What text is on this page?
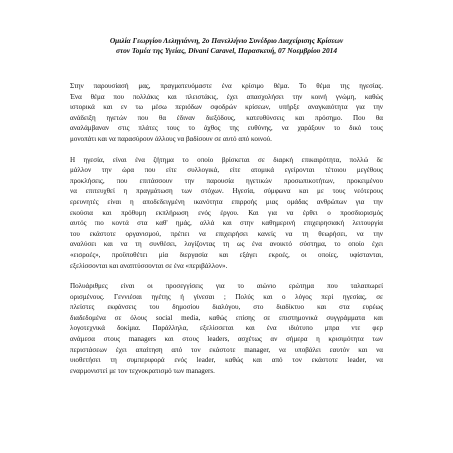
Ομιλία Γεωργίου Λεληγιάννη, 2ο Πανελλήνιο Συνέδριο Διαχείρισης Κρίσεων
στον Τομέα της Υγείας, Divani Caravel, Παρασκευή, 07 Νοεμβρίου 2014
Στην παρουσίασή μας, πραγματευόμαστε ένα κρίσιμο θέμα. Το θέμα της ηγεσίας.
Ένα θέμα που πολλάκις και πλειστάκις, έχει απασχολήσει την κοινή γνώμη, καθώς
ιστορικά και εν τω μέσω περιόδων σφοδρών κρίσεων, υπήρξε αναγκαιότητα για την
ανάδειξη ηγετών που θα έδιναν διεξόδους, κατευθύνσεις και πρόσημο. Που θα
αναλάμβαναν στις πλάτες τους το άχθος της ευθύνης, να χαράξουν το δικό τους
μονοπάτι και να παρασύρουν άλλους να βαδίσουν σε αυτό από κοινού.
Η ηγεσία, είναι ένα ζήτημα το οποίο βρίσκεται σε διαρκή επικαιρότητα, πολλώ δε
μάλλον την ώρα που είτε συλλογικά, είτε ατομικά εγείρονται τέτοιου μεγέθους
προκλήσεις, που επιτάσσουν την παρουσία ηγετικών προσωπικοτήτων, προκειμένου
να επιτευχθεί η πραγμάτωση των στόχων. Ηγεσία, σύμφωνα και με τους νεότερους
ερευνητές είναι η αποδεδειγμένη ικανότητα επιρροής μιας ομάδας ανθρώπων για την
εκούσια και πρόθυμη εκπλήρωση ενός έργου. Και για να έρθει ο προσδιορισμός
αυτός πιο κοντά στα καθ' ημάς, αλλά και στην καθημερινή επιχειρησιακή λειτουργία
του εκάστοτε οργανισμού, πρέπει να επιχειρήσει κανείς να τη θεωρήσει, να την
αναλύσει και να τη συνθέσει, λογίζοντας τη ως ένα ανοικτό σύστημα, το οποίο έχει
«εισροές», προϋποθέτει μία διεργασία και εξάγει εκροές, οι οποίες, υφίστανται,
εξελίσσονται και αναπτύσσονται σε ένα «περιβάλλον».
Πολυάριθμες είναι οι προσεγγίσεις για το αιώνιο ερώτημα που ταλαιπωρεί
ορισμένους. Γεννιέσαι ηγέτης ή γίνεσαι ; Πολύς και ο λόγος περί ηγεσίας, σε
πλείστες εκφάνσεις του δημοσίου διαλόγου, στο διαδίκτυο και στα ευρέως
διαδεδομένα σε όλους social media, καθώς επίσης σε επιστημονικά συγγράμματα και
λογοτεχνικά δοκίμια. Παράλληλα, εξελίσσεται και ένα ιδιότυπο μπρα ντε φερ
ανάμεσα στους managers και στους leaders, ασχέτως αν σήμερα η κρισιμότητα των
περιστάσεων έχει απαίτηση από τον εκάστοτε manager, να υποβάλει εαυτόν και να
υιοθετήσει τη συμπεριφορά ενός leader, καθώς και από τον εκάστοτε leader, να
εναρμονιστεί με τον τεχνοκρατισμό των managers.
